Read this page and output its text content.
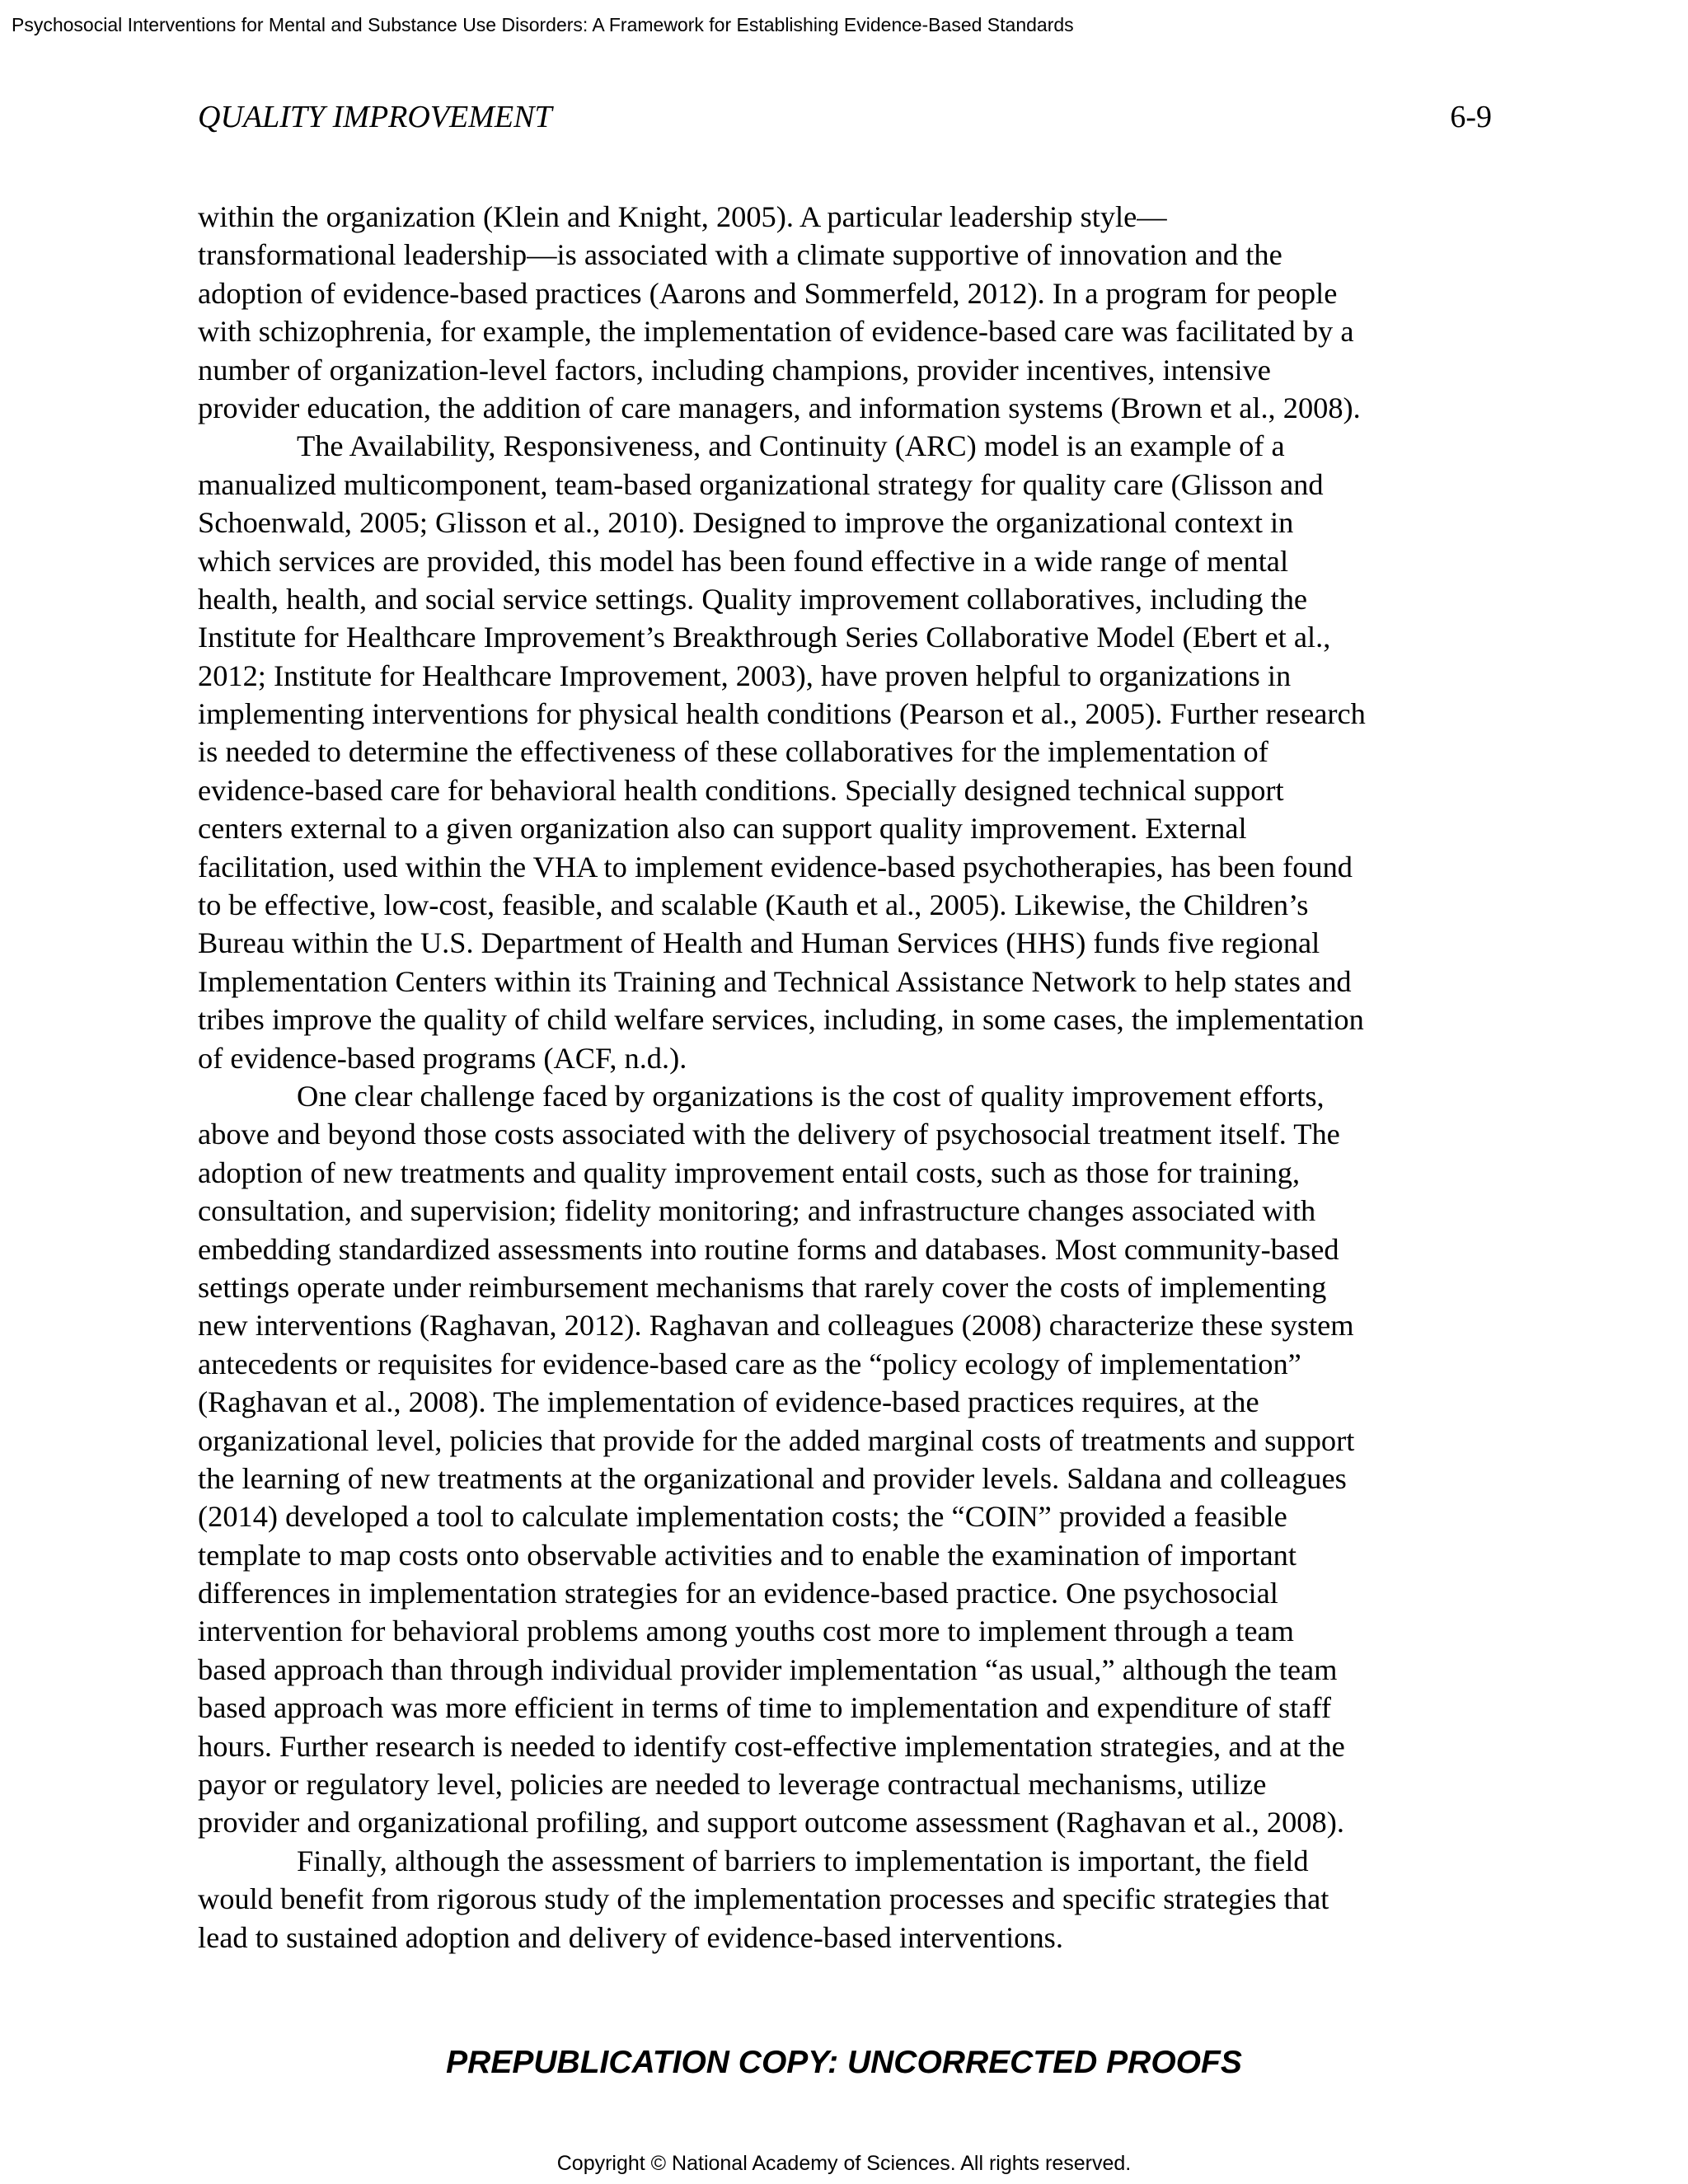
Psychosocial Interventions for Mental and Substance Use Disorders: A Framework for Establishing Evidence-Based Standards
QUALITY IMPROVEMENT	6-9
within the organization (Klein and Knight, 2005). A particular leadership style—
transformational leadership—is associated with a climate supportive of innovation and the
adoption of evidence-based practices (Aarons and Sommerfeld, 2012). In a program for people
with schizophrenia, for example, the implementation of evidence-based care was facilitated by a
number of organization-level factors, including champions, provider incentives, intensive
provider education, the addition of care managers, and information systems (Brown et al., 2008).
The Availability, Responsiveness, and Continuity (ARC) model is an example of a
manualized multicomponent, team-based organizational strategy for quality care (Glisson and
Schoenwald, 2005; Glisson et al., 2010). Designed to improve the organizational context in
which services are provided, this model has been found effective in a wide range of mental
health, health, and social service settings. Quality improvement collaboratives, including the
Institute for Healthcare Improvement’s Breakthrough Series Collaborative Model (Ebert et al.,
2012; Institute for Healthcare Improvement, 2003), have proven helpful to organizations in
implementing interventions for physical health conditions (Pearson et al., 2005). Further research
is needed to determine the effectiveness of these collaboratives for the implementation of
evidence-based care for behavioral health conditions. Specially designed technical support
centers external to a given organization also can support quality improvement. External
facilitation, used within the VHA to implement evidence-based psychotherapies, has been found
to be effective, low-cost, feasible, and scalable (Kauth et al., 2005). Likewise, the Children’s
Bureau within the U.S. Department of Health and Human Services (HHS) funds five regional
Implementation Centers within its Training and Technical Assistance Network to help states and
tribes improve the quality of child welfare services, including, in some cases, the implementation
of evidence-based programs (ACF, n.d.).
One clear challenge faced by organizations is the cost of quality improvement efforts,
above and beyond those costs associated with the delivery of psychosocial treatment itself. The
adoption of new treatments and quality improvement entail costs, such as those for training,
consultation, and supervision; fidelity monitoring; and infrastructure changes associated with
embedding standardized assessments into routine forms and databases. Most community-based
settings operate under reimbursement mechanisms that rarely cover the costs of implementing
new interventions (Raghavan, 2012). Raghavan and colleagues (2008) characterize these system
antecedents or requisites for evidence-based care as the “policy ecology of implementation”
(Raghavan et al., 2008). The implementation of evidence-based practices requires, at the
organizational level, policies that provide for the added marginal costs of treatments and support
the learning of new treatments at the organizational and provider levels. Saldana and colleagues
(2014) developed a tool to calculate implementation costs; the “COIN” provided a feasible
template to map costs onto observable activities and to enable the examination of important
differences in implementation strategies for an evidence-based practice. One psychosocial
intervention for behavioral problems among youths cost more to implement through a team
based approach than through individual provider implementation “as usual,” although the team
based approach was more efficient in terms of time to implementation and expenditure of staff
hours. Further research is needed to identify cost-effective implementation strategies, and at the
payor or regulatory level, policies are needed to leverage contractual mechanisms, utilize
provider and organizational profiling, and support outcome assessment (Raghavan et al., 2008).
Finally, although the assessment of barriers to implementation is important, the field
would benefit from rigorous study of the implementation processes and specific strategies that
lead to sustained adoption and delivery of evidence-based interventions.
PREPUBLICATION COPY: UNCORRECTED PROOFS
Copyright © National Academy of Sciences. All rights reserved.
